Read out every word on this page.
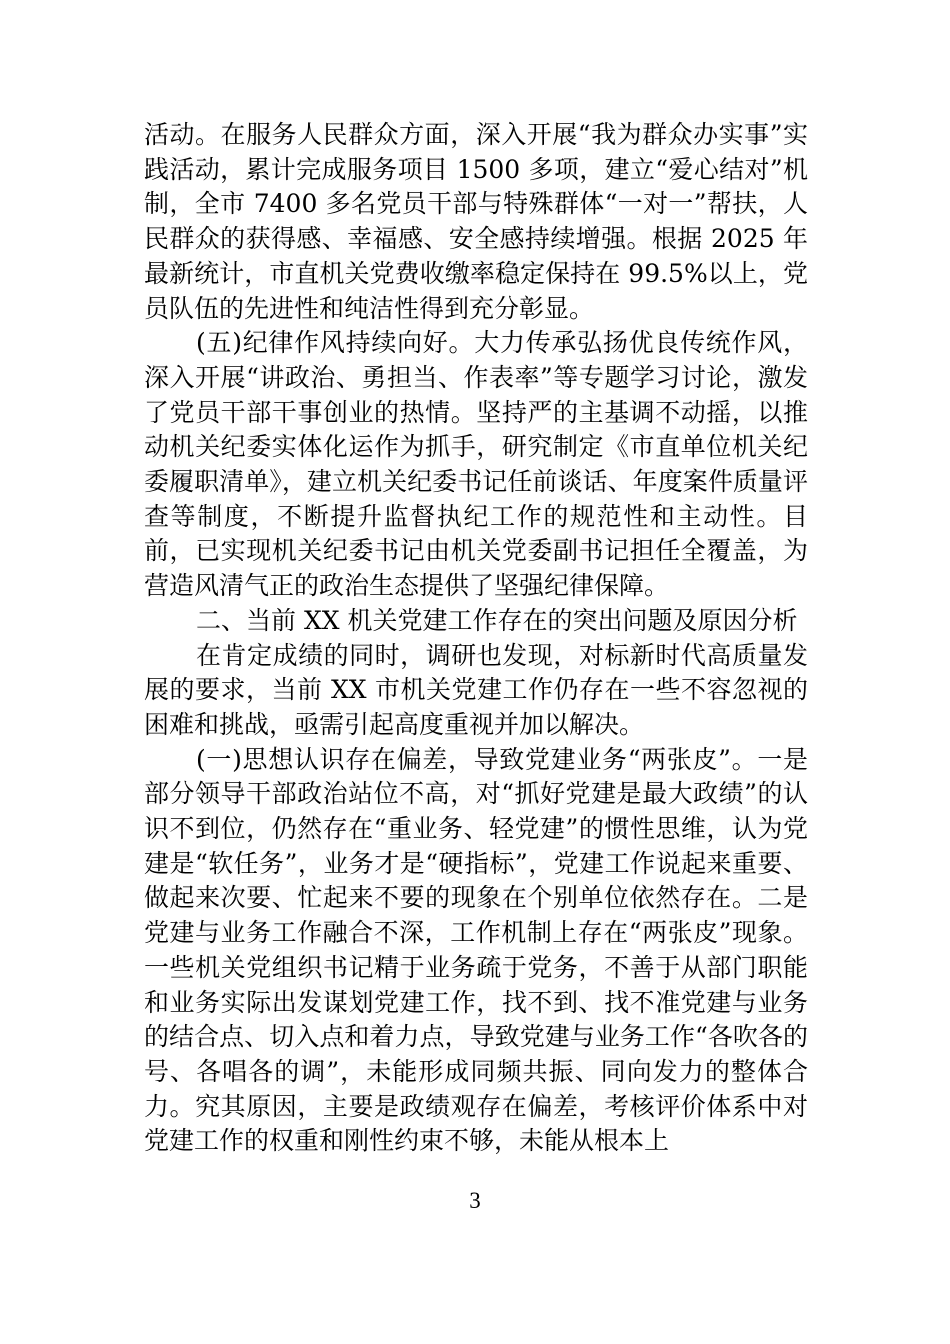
活动。在服务人民群众方面，深入开展“我为群众办实事”实践活动，累计完成服务项目 1500 多项，建立“爱心结对”机制，全市 7400 多名党员干部与特殊群体“一对一”帮扶，人民群众的获得感、幸福感、安全感持续增强。根据 2025 年最新统计，市直机关党费收缴率稳定保持在 99.5%以上，党员队伍的先进性和纯洁性得到充分彰显。

(五)纪律作风持续向好。大力传承弘扬优良传统作风，深入开展“讲政治、勇担当、作表率”等专题学习讨论，激发了党员干部干事创业的热情。坚持严的主基调不动摇，以推动机关纪委实体化运作为抓手，研究制定《市直单位机关纪委履职清单》，建立机关纪委书记任前谈话、年度案件质量评查等制度，不断提升监督执纪工作的规范性和主动性。目前，已实现机关纪委书记由机关党委副书记担任全覆盖，为营造风清气正的政治生态提供了坚强纪律保障。

二、当前 XX 机关党建工作存在的突出问题及原因分析

在肯定成绩的同时，调研也发现，对标新时代高质量发展的要求，当前 XX 市机关党建工作仍存在一些不容忽视的困难和挑战，亟需引起高度重视并加以解决。

(一)思想认识存在偏差，导致党建业务“两张皮”。一是部分领导干部政治站位不高，对“抓好党建是最大政绩”的认识不到位，仍然存在“重业务、轻党建”的惯性思维，认为党建是“软任务”，业务才是“硬指标”，党建工作说起来重要、做起来次要、忙起来不要的现象在个别单位依然存在。二是党建与业务工作融合不深，工作机制上存在“两张皮”现象。一些机关党组织书记精于业务疏于党务，不善于从部门职能和业务实际出发谋划党建工作，找不到、找不准党建与业务的结合点、切入点和着力点，导致党建与业务工作“各吹各的号、各唱各的调”，未能形成同频共振、同向发力的整体合力。究其原因，主要是政绩观存在偏差，考核评价体系中对党建工作的权重和刚性约束不够，未能从根本上

3
